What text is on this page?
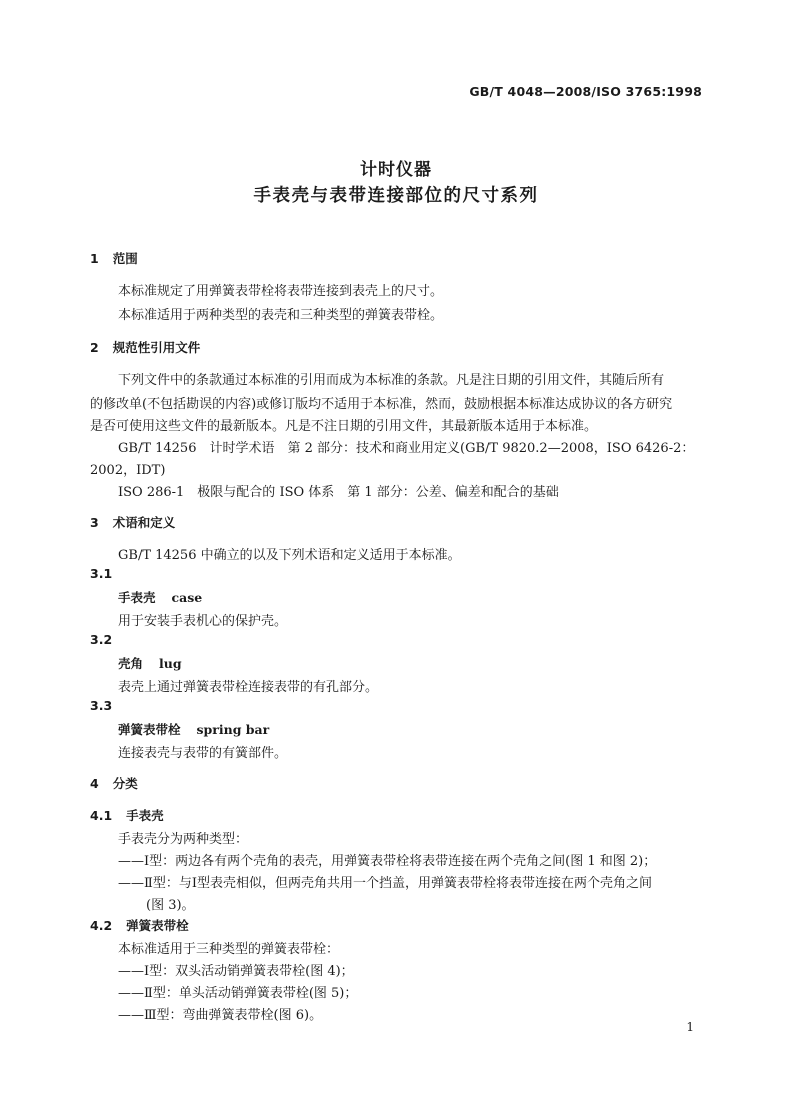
GB/T 4048—2008/ISO 3765:1998
计时仪器
手表壳与表带连接部位的尺寸系列
1 范围
本标准规定了用弹簧表带栓将表带连接到表壳上的尺寸。
本标准适用于两种类型的表壳和三种类型的弹簧表带栓。
2 规范性引用文件
下列文件中的条款通过本标准的引用而成为本标准的条款。凡是注日期的引用文件，其随后所有
的修改单(不包括勘误的内容)或修订版均不适用于本标准，然而，鼓励根据本标准达成协议的各方研究
是否可使用这些文件的最新版本。凡是不注日期的引用文件，其最新版本适用于本标准。
GB/T 14256　计时学术语　第 2 部分：技术和商业用定义(GB/T 9820.2—2008，ISO 6426-2：
2002，IDT)
ISO 286-1　极限与配合的 ISO 体系　第 1 部分：公差、偏差和配合的基础
3 术语和定义
GB/T 14256 中确立的以及下列术语和定义适用于本标准。
3.1
手表壳 case
用于安装手表机心的保护壳。
3.2
壳角 lug
表壳上通过弹簧表带栓连接表带的有孔部分。
3.3
弹簧表带栓 spring bar
连接表壳与表带的有簧部件。
4 分类
4.1 手表壳
手表壳分为两种类型：
——Ⅰ型：两边各有两个壳角的表壳，用弹簧表带栓将表带连接在两个壳角之间(图 1 和图 2)；
——Ⅱ型：与Ⅰ型表壳相似，但两壳角共用一个挡盖，用弹簧表带栓将表带连接在两个壳角之间
(图 3)。
4.2 弹簧表带栓
本标准适用于三种类型的弹簧表带栓：
——Ⅰ型：双头活动销弹簧表带栓(图 4)；
——Ⅱ型：单头活动销弹簧表带栓(图 5)；
——Ⅲ型：弯曲弹簧表带栓(图 6)。
1
